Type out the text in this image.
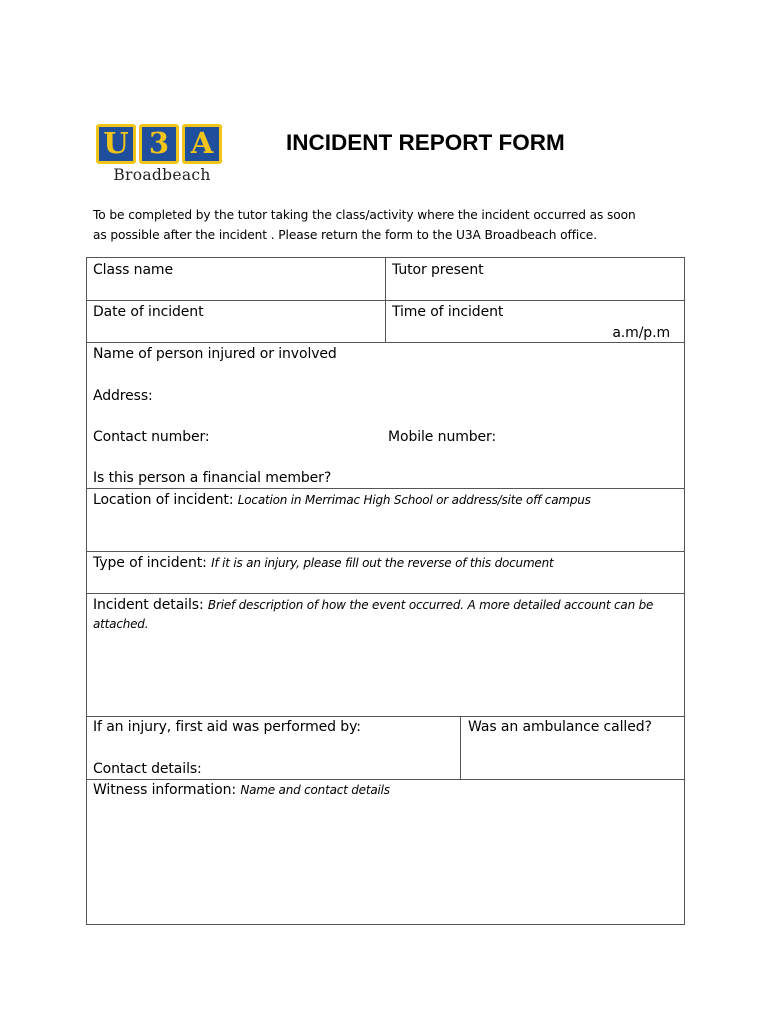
U 3 A
Broadbeach
INCIDENT REPORT FORM
To be completed by the tutor taking the class/activity where the incident occurred as soon
as possible after the incident . Please return the form to the U3A Broadbeach office.
Class name	Tutor present
Date of incident	Time of incident
a.m/p.m
Name of person injured or involved
Address:
Contact number:	Mobile number:
Is this person a financial member?
Location of incident: Location in Merrimac High School or address/site off campus
Type of incident: If it is an injury, please fill out the reverse of this document
Incident details: Brief description of how the event occurred. A more detailed account can be attached.
If an injury, first aid was performed by:	Was an ambulance called?
Contact details:
Witness information: Name and contact details
